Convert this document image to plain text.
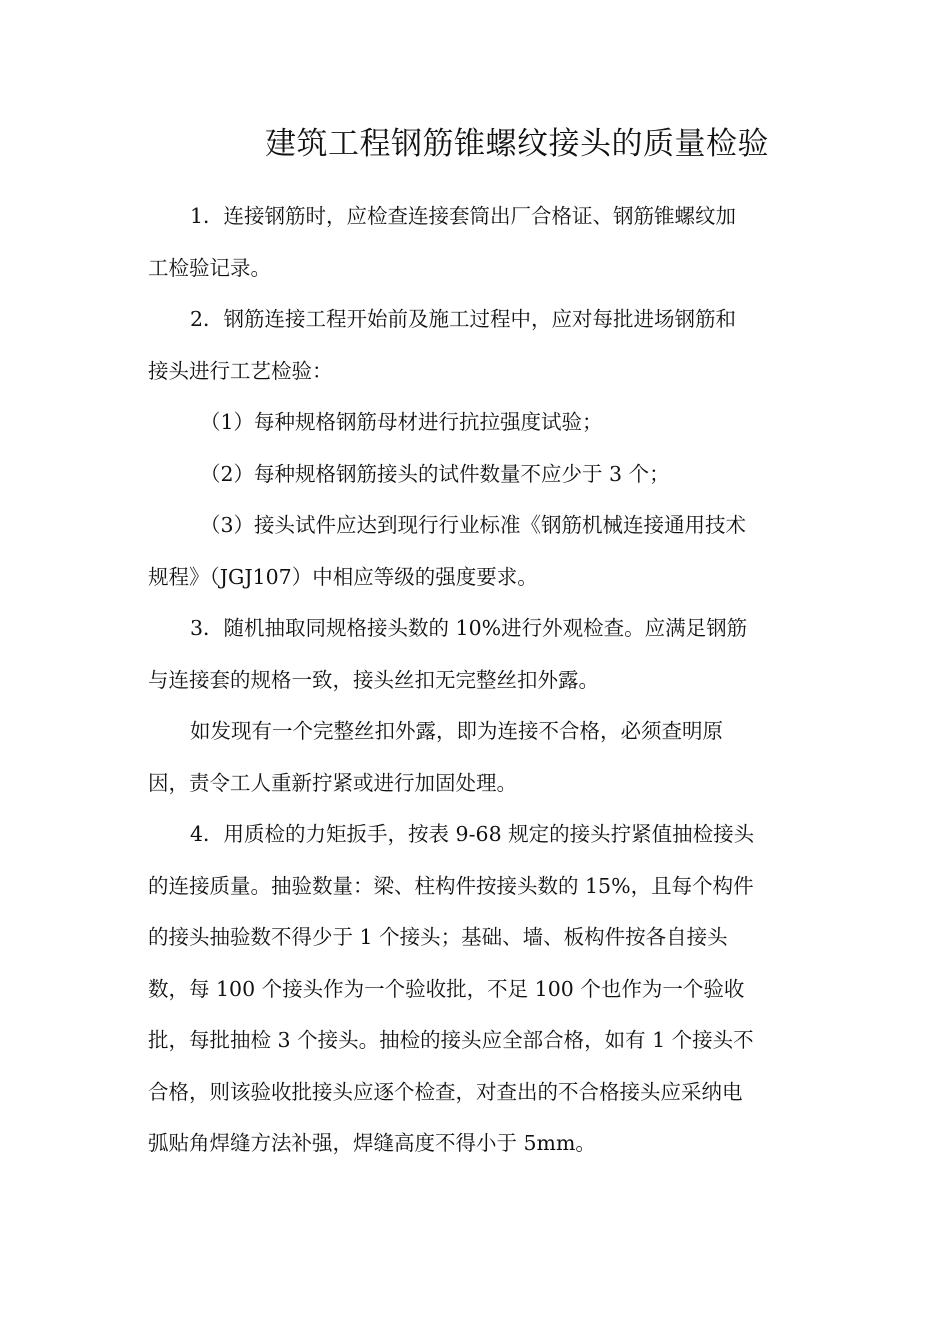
建筑工程钢筋锥螺纹接头的质量检验
1．连接钢筋时，应检查连接套筒出厂合格证、钢筋锥螺纹加
工检验记录。
2．钢筋连接工程开始前及施工过程中，应对每批进场钢筋和
接头进行工艺检验：
（1）每种规格钢筋母材进行抗拉强度试验；
（2）每种规格钢筋接头的试件数量不应少于 3 个；
（3）接头试件应达到现行行业标准《钢筋机械连接通用技术
规程》（JGJ107）中相应等级的强度要求。
3．随机抽取同规格接头数的 10%进行外观检查。应满足钢筋
与连接套的规格一致，接头丝扣无完整丝扣外露。
如发现有一个完整丝扣外露，即为连接不合格，必须查明原
因，责令工人重新拧紧或进行加固处理。
4．用质检的力矩扳手，按表 9-68 规定的接头拧紧值抽检接头
的连接质量。抽验数量：梁、柱构件按接头数的 15%，且每个构件
的接头抽验数不得少于 1 个接头；基础、墙、板构件按各自接头
数，每 100 个接头作为一个验收批，不足 100 个也作为一个验收
批，每批抽检 3 个接头。抽检的接头应全部合格，如有 1 个接头不
合格，则该验收批接头应逐个检查，对查出的不合格接头应采纳电
弧贴角焊缝方法补强，焊缝高度不得小于 5mm。
